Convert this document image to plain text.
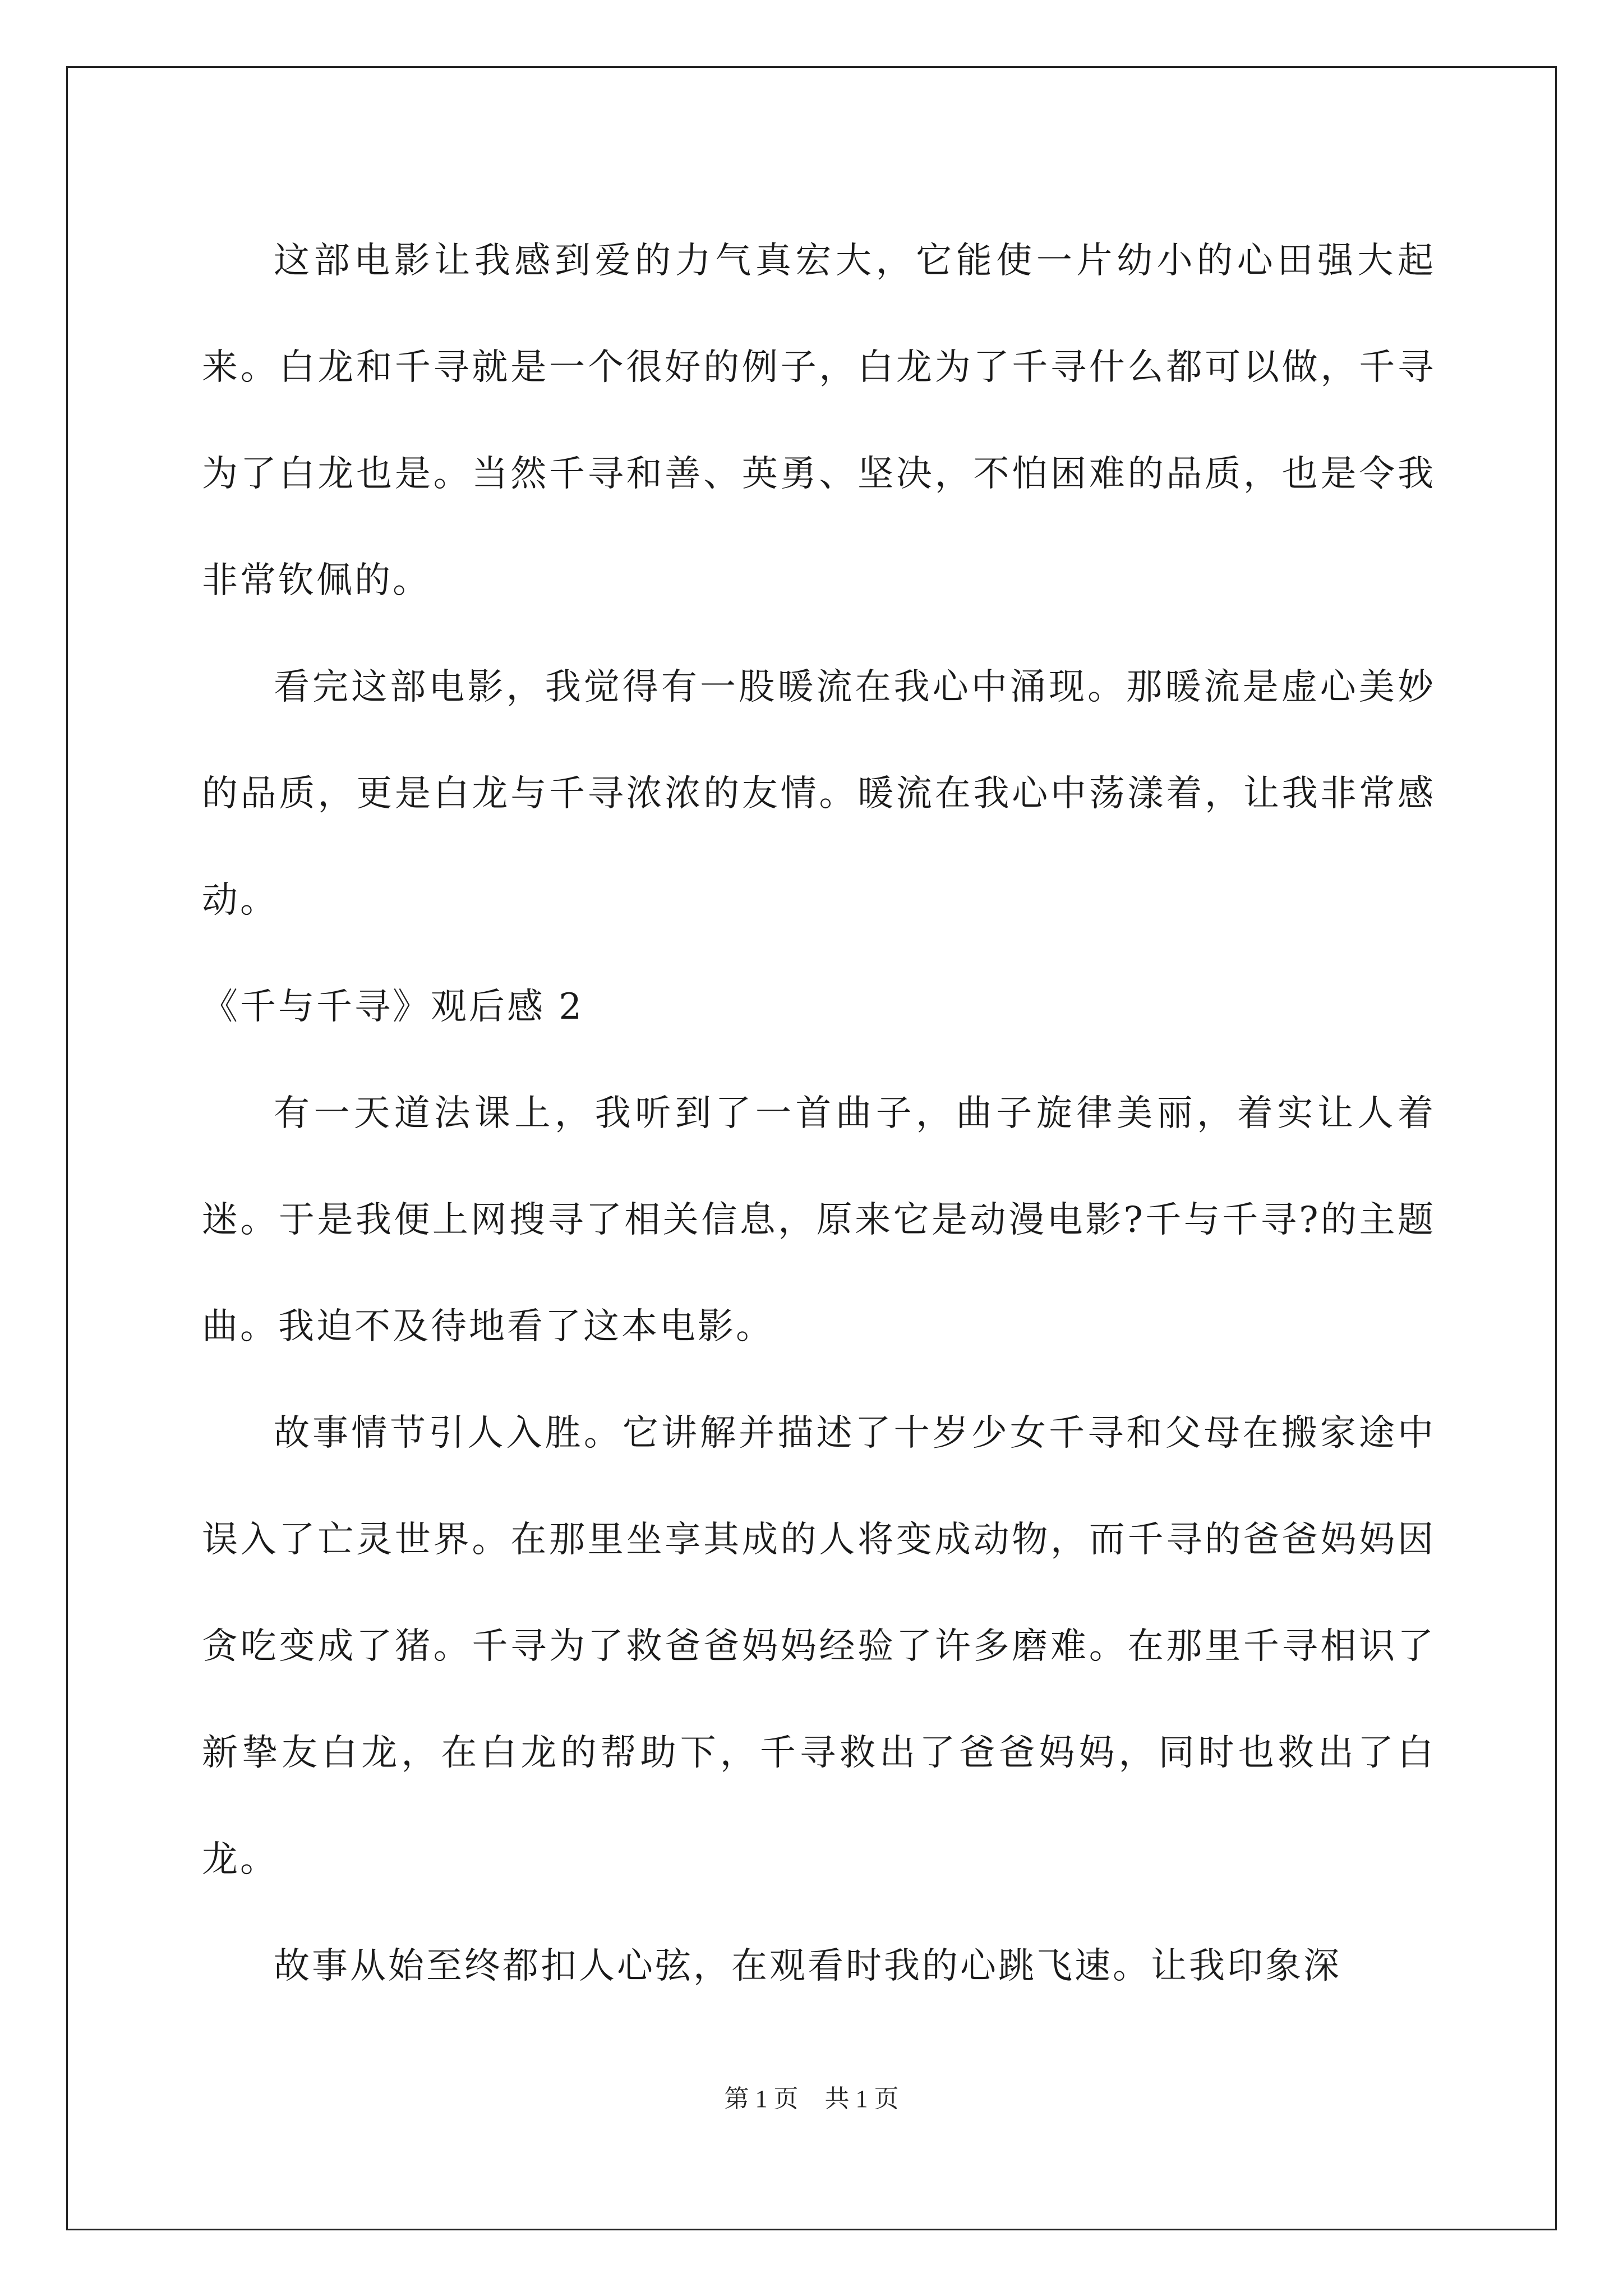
这部电影让我感到爱的力气真宏大，它能使一片幼小的心田强大起来。白龙和千寻就是一个很好的例子，白龙为了千寻什么都可以做，千寻为了白龙也是。当然千寻和善、英勇、坚决，不怕困难的品质，也是令我非常钦佩的。

看完这部电影，我觉得有一股暖流在我心中涌现。那暖流是虚心美妙的品质，更是白龙与千寻浓浓的友情。暖流在我心中荡漾着，让我非常感动。

《千与千寻》观后感 2

有一天道法课上，我听到了一首曲子，曲子旋律美丽，着实让人着迷。于是我便上网搜寻了相关信息，原来它是动漫电影?千与千寻?的主题曲。我迫不及待地看了这本电影。

故事情节引人入胜。它讲解并描述了十岁少女千寻和父母在搬家途中误入了亡灵世界。在那里坐享其成的人将变成动物，而千寻的爸爸妈妈因贪吃变成了猪。千寻为了救爸爸妈妈经验了许多磨难。在那里千寻相识了新挚友白龙，在白龙的帮助下，千寻救出了爸爸妈妈，同时也救出了白龙。

故事从始至终都扣人心弦，在观看时我的心跳飞速。让我印象深

第 1 页 共 1 页
